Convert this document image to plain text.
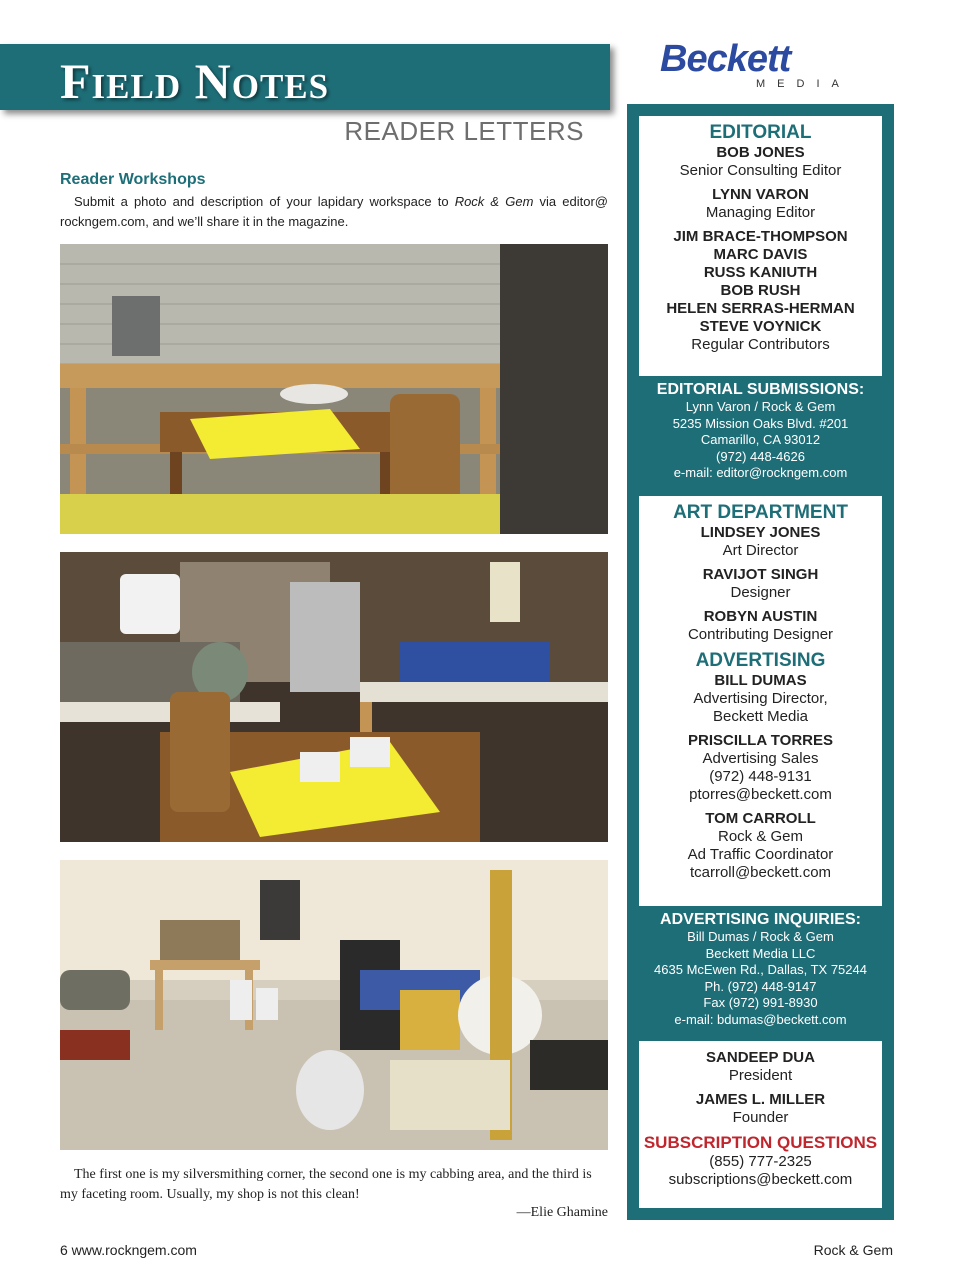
Field Notes
READER LETTERS
Beckett
MEDIA
Reader Workshops
Submit a photo and description of your lapidary workspace to Rock & Gem via editor@ rockngem.com, and we’ll share it in the magazine.
The first one is my silversmithing corner, the second one is my cabbing area, and the third is my faceting room. Usually, my shop is not this clean!
—Elie Ghamine
6 www.rockngem.com	Rock & Gem
EDITORIAL
BOB JONES
Senior Consulting Editor
LYNN VARON
Managing Editor
JIM BRACE-THOMPSON
MARC DAVIS
RUSS KANIUTH
BOB RUSH
HELEN SERRAS-HERMAN
STEVE VOYNICK
Regular Contributors
EDITORIAL SUBMISSIONS:
Lynn Varon / Rock & Gem
5235 Mission Oaks Blvd. #201
Camarillo, CA 93012
(972) 448-4626
e-mail: editor@rockngem.com
ART DEPARTMENT
LINDSEY JONES
Art Director
RAVIJOT SINGH
Designer
ROBYN AUSTIN
Contributing Designer
ADVERTISING
BILL DUMAS
Advertising Director,
Beckett Media
PRISCILLA TORRES
Advertising Sales
(972) 448-9131
ptorres@beckett.com
TOM CARROLL
Rock & Gem
Ad Traffic Coordinator
tcarroll@beckett.com
ADVERTISING INQUIRIES:
Bill Dumas / Rock & Gem
Beckett Media LLC
4635 McEwen Rd., Dallas, TX 75244
Ph. (972) 448-9147
Fax (972) 991-8930
e-mail: bdumas@beckett.com
SANDEEP DUA
President
JAMES L. MILLER
Founder
SUBSCRIPTION QUESTIONS
(855) 777-2325
subscriptions@beckett.com
